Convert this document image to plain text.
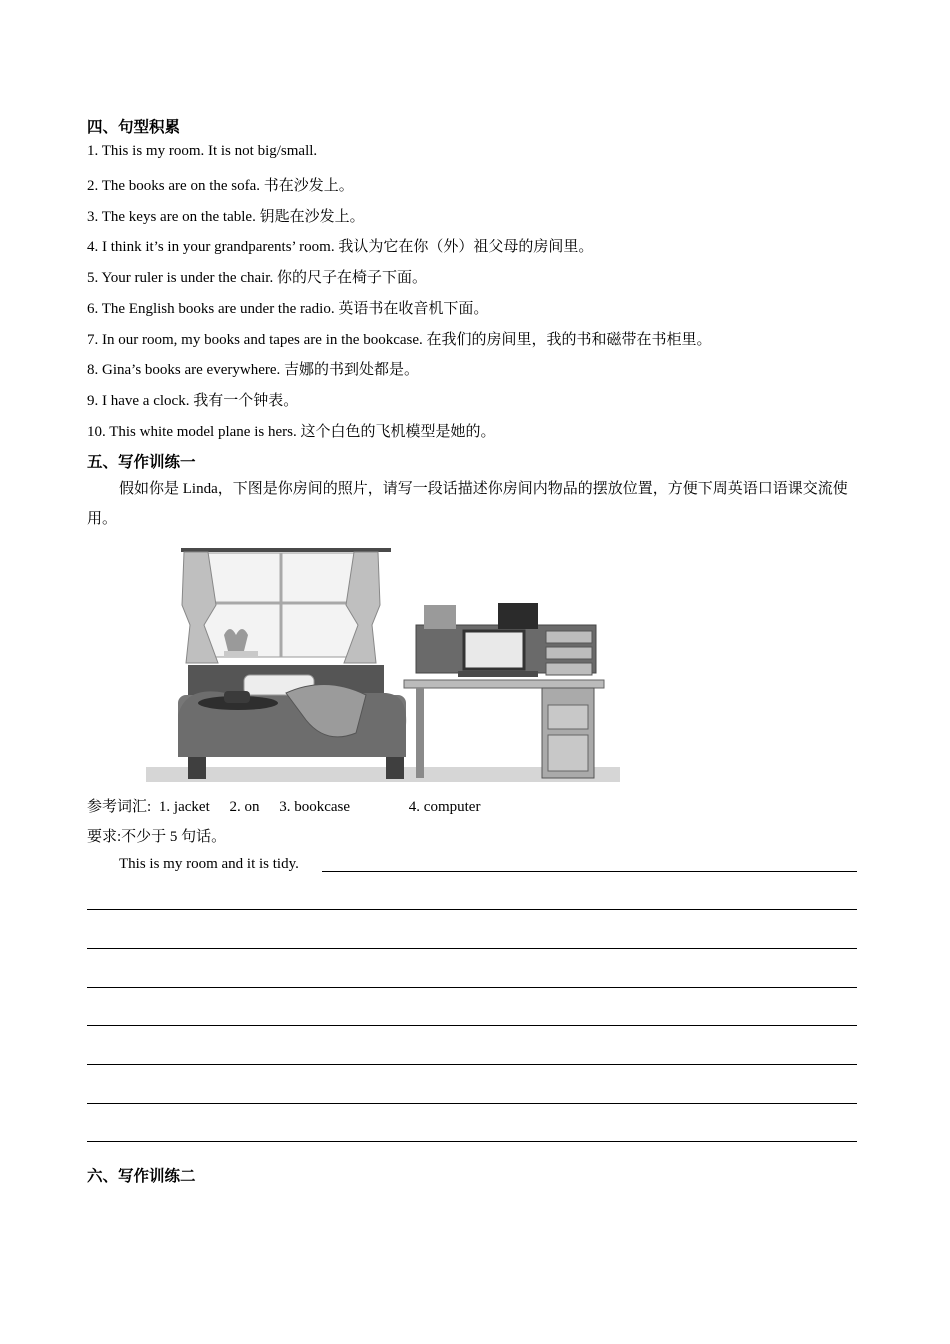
四、句型积累
1. This is my room. It is not big/small.
2. The books are on the sofa. 书在沙发上。
3. The keys are on the table. 钥匙在沙发上。
4. I think it’s in your grandparents’ room. 我认为它在你（外）祖父母的房间里。
5. Your ruler is under the chair. 你的尺子在椅子下面。
6. The English books are under the radio. 英语书在收音机下面。
7. In our room, my books and tapes are in the bookcase. 在我们的房间里，我的书和磁带在书柜里。
8. Gina’s books are everywhere. 吉娜的书到处都是。
9. I have a clock. 我有一个钟表。
10. This white model plane is hers. 这个白色的飞机模型是她的。
五、写作训练一
假如你是 Linda，下图是你房间的照片，请写一段话描述你房间内物品的摆放位置，方便下周英语口语课交流使用。
参考词汇: 1. jacket 2. on 3. bookcase	4. computer
要求:不少于 5 句话。
This is my room and it is tidy.
六、写作训练二
